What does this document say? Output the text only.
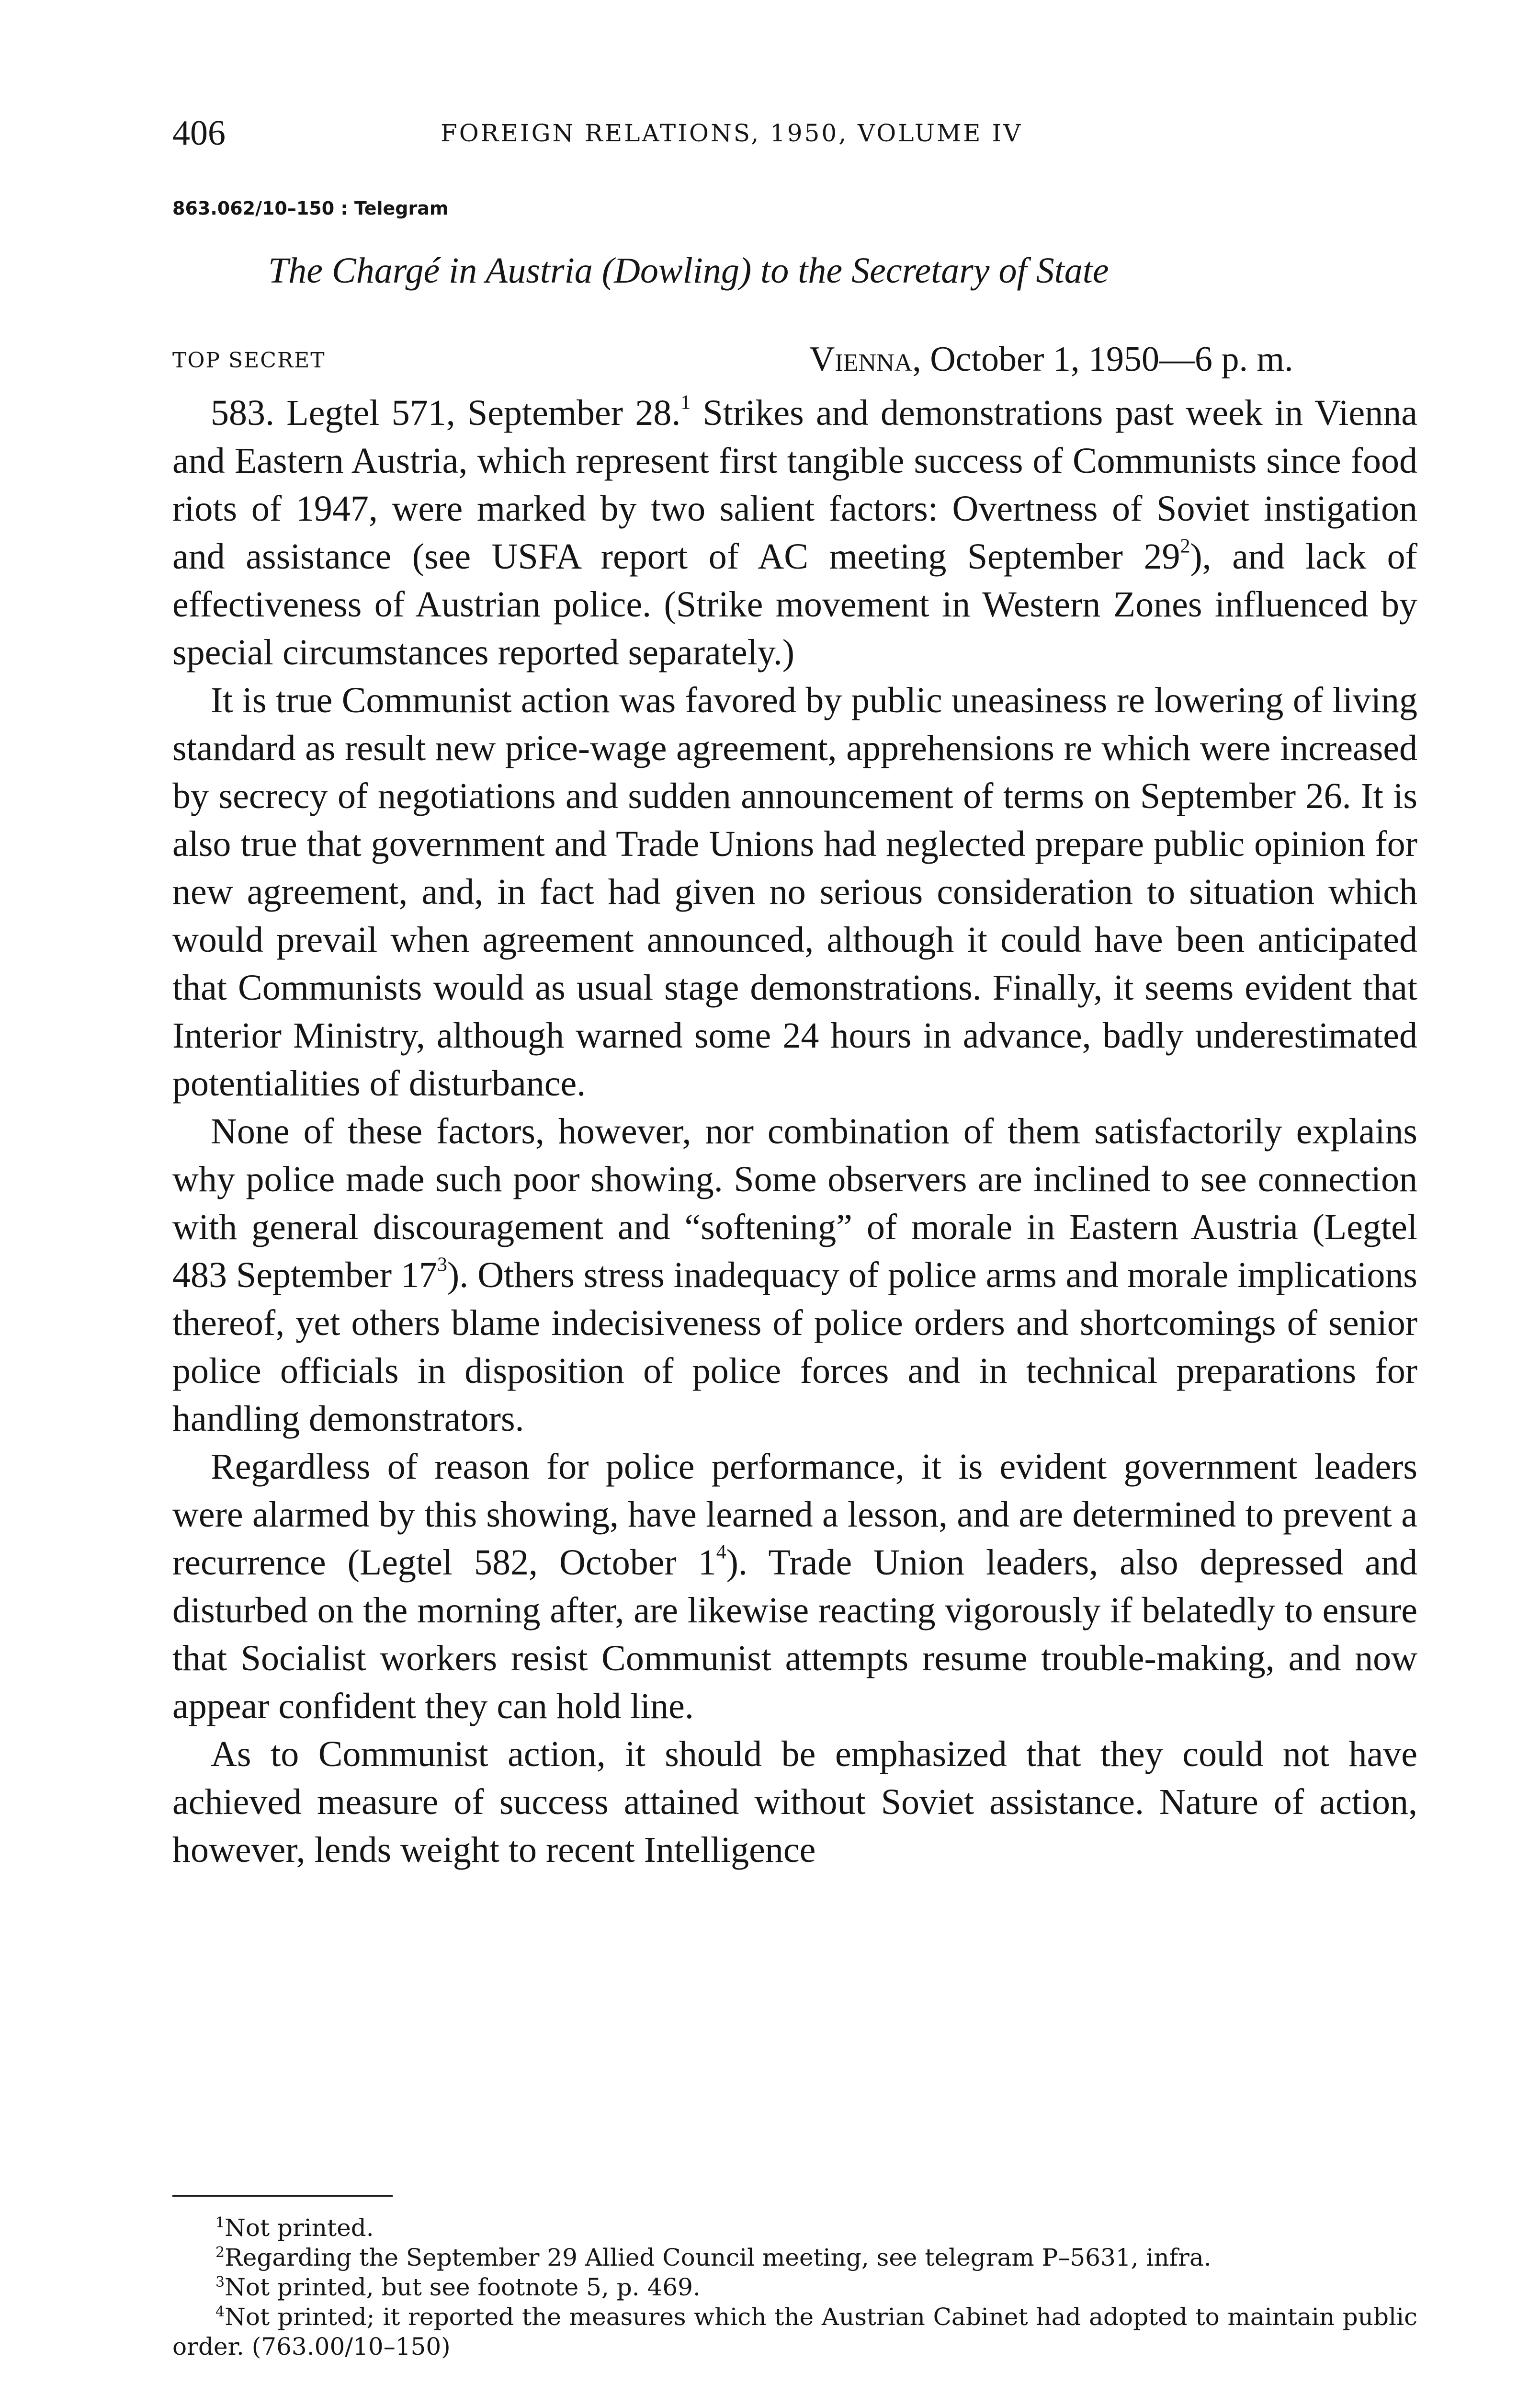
406	FOREIGN RELATIONS, 1950, VOLUME IV
863.062/10–150 : Telegram
The Chargé in Austria (Dowling) to the Secretary of State
TOP SECRET	Vienna, October 1, 1950—6 p. m.

583. Legtel 571, September 28.$^1$ Strikes and demonstrations past week in Vienna and Eastern Austria, which represent first tangible success of Communists since food riots of 1947, were marked by two salient factors: Overtness of Soviet instigation and assistance (see USFA report of AC meeting September $29^2$), and lack of effectiveness of Austrian police. (Strike movement in Western Zones influenced by special circumstances reported separately.)

It is true Communist action was favored by public uneasiness re lowering of living standard as result new price-wage agreement, apprehensions re which were increased by secrecy of negotiations and sudden announcement of terms on September 26. It is also true that government and Trade Unions had neglected prepare public opinion for new agreement, and, in fact had given no serious consideration to situation which would prevail when agreement announced, although it could have been anticipated that Communists would as usual stage demonstrations. Finally, it seems evident that Interior Ministry, although warned some 24 hours in advance, badly underestimated potentialities of disturbance.

None of these factors, however, nor combination of them satisfactorily explains why police made such poor showing. Some observers are inclined to see connection with general discouragement and “softening” of morale in Eastern Austria (Legtel 483 September $17^3$). Others stress inadequacy of police arms and morale implications thereof, yet others blame indecisiveness of police orders and shortcomings of senior police officials in disposition of police forces and in technical preparations for handling demonstrators.

Regardless of reason for police performance, it is evident government leaders were alarmed by this showing, have learned a lesson, and are determined to prevent a recurrence (Legtel 582, October $1^4$). Trade Union leaders, also depressed and disturbed on the morning after, are likewise reacting vigorously if belatedly to ensure that Socialist workers resist Communist attempts resume trouble-making, and now appear confident they can hold line.

As to Communist action, it should be emphasized that they could not have achieved measure of success attained without Soviet assistance. Nature of action, however, lends weight to recent Intelligence

$^1$Not printed.

$^2$Regarding the September 29 Allied Council meeting, see telegram P–5631, infra.

$^3$Not printed, but see footnote 5, p. 469.

$^4$Not printed; it reported the measures which the Austrian Cabinet had adopted to maintain public order. (763.00/10–150)
